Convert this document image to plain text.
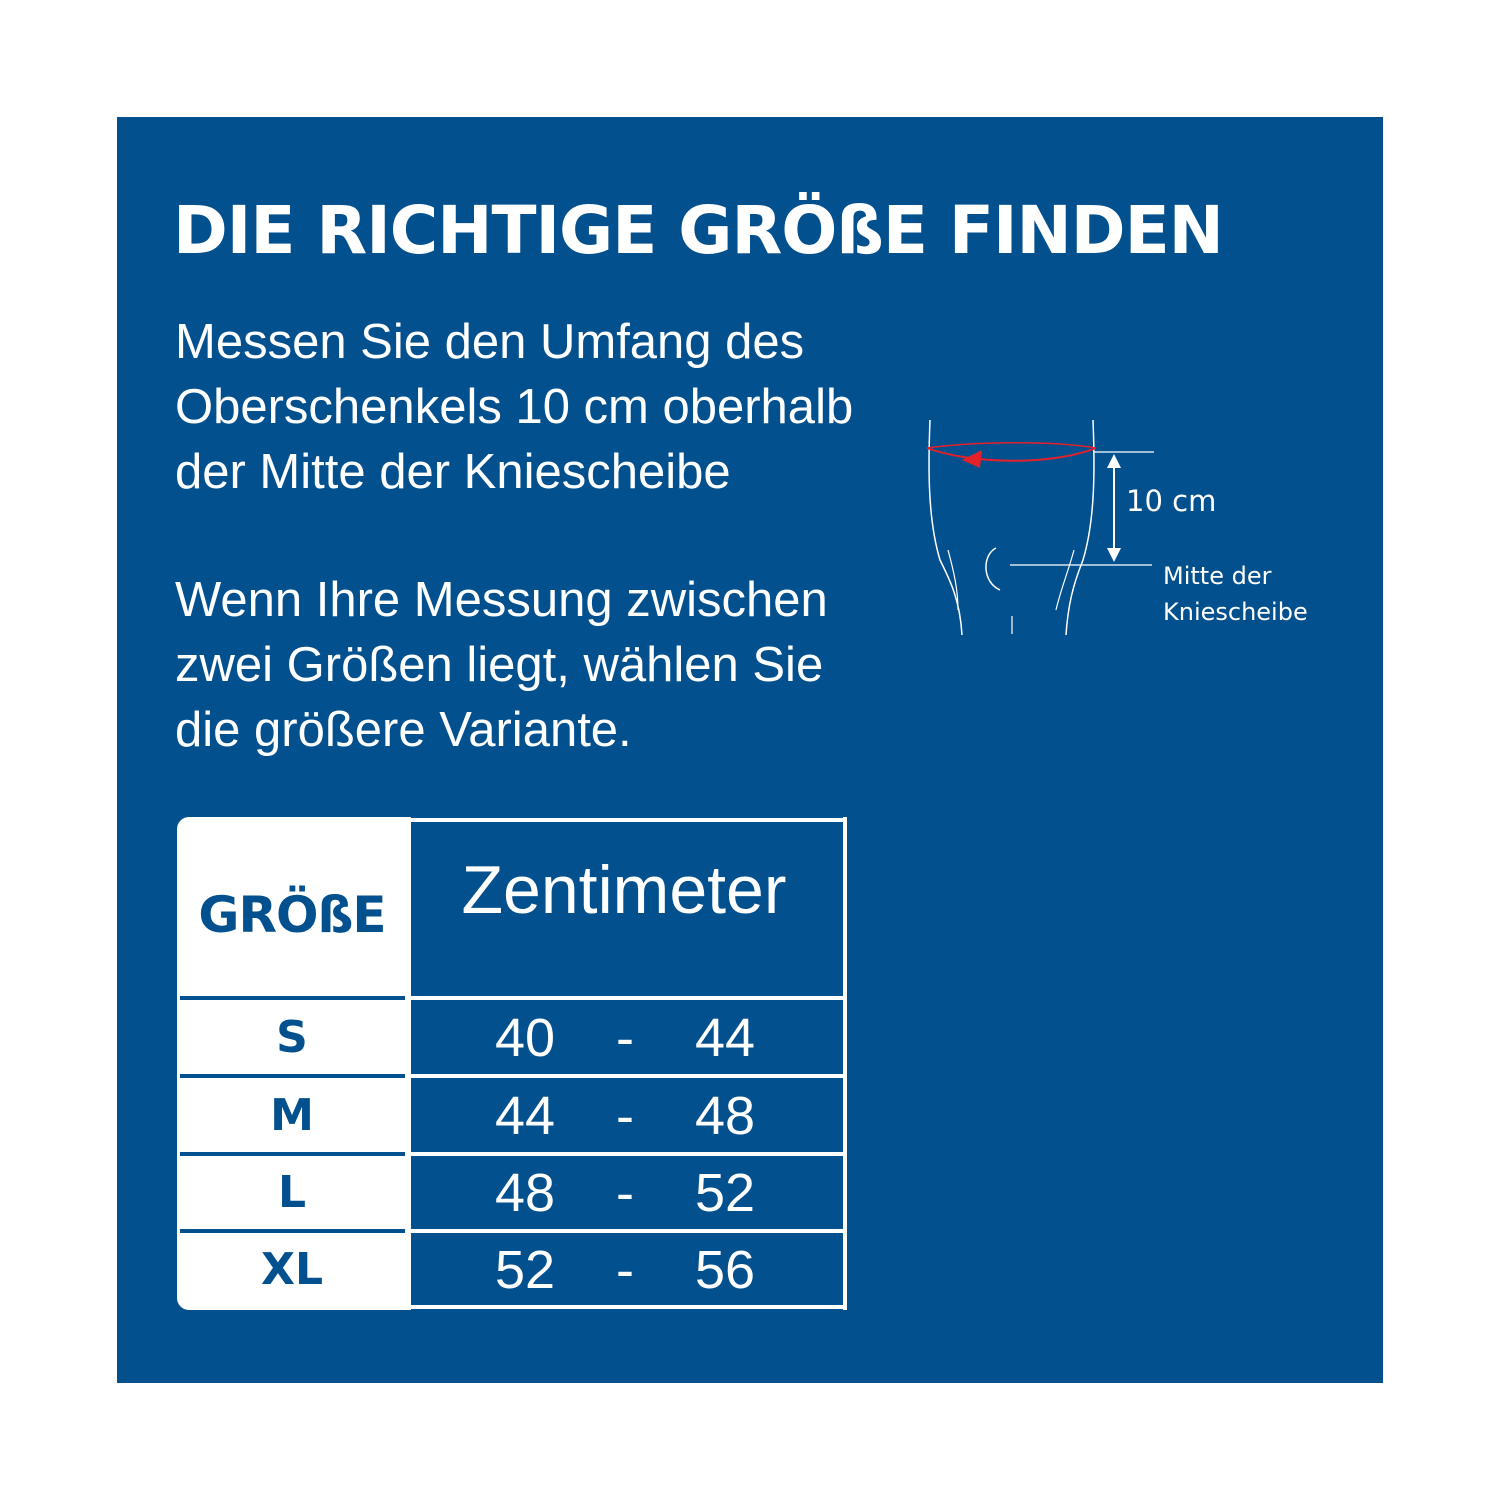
DIE RICHTIGE GRÖßE FINDEN

Messen Sie den Umfang des
Oberschenkels 10 cm oberhalb
der Mitte der Kniescheibe

Wenn Ihre Messung zwischen
zwei Größen liegt, wählen Sie
die größere Variante.

10 cm
Mitte der
Kniescheibe
GRÖßE	Zentimeter
S	40	-	44
M	44	-	48
L	48	-	52
XL	52	-	56
